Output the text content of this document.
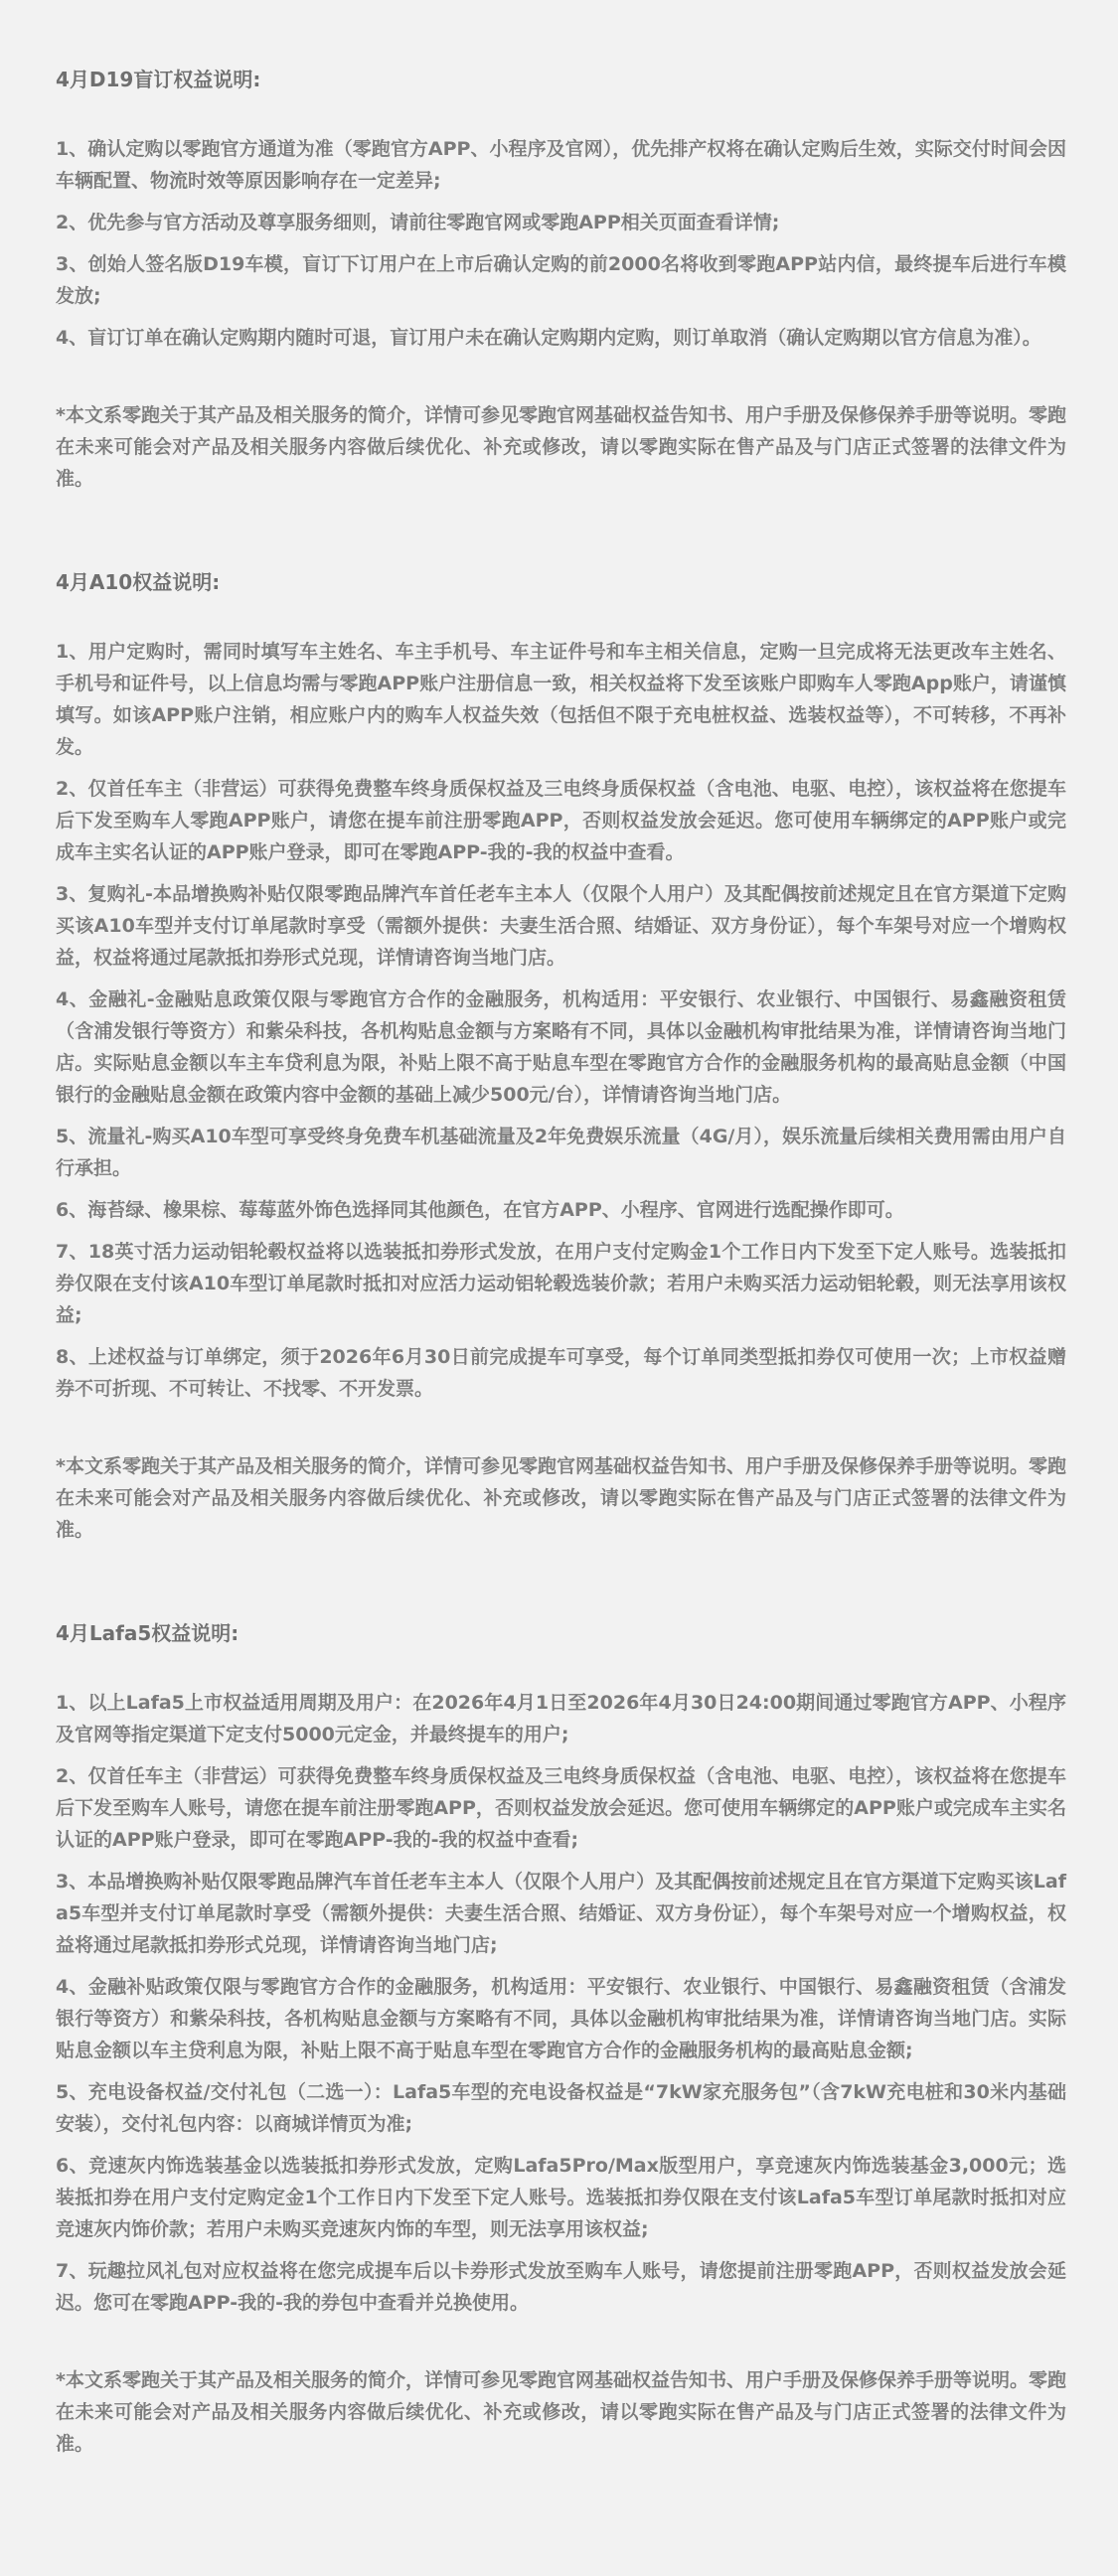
4月D19盲订权益说明:

1、确认定购以零跑官方通道为准（零跑官方APP、小程序及官网），优先排产权将在确认定购后生效，实际交付时间会因车辆配置、物流时效等原因影响存在一定差异;

2、优先参与官方活动及尊享服务细则，请前往零跑官网或零跑APP相关页面查看详情;

3、创始人签名版D19车模，盲订下订用户在上市后确认定购的前2000名将收到零跑APP站内信，最终提车后进行车模发放;

4、盲订订单在确认定购期内随时可退，盲订用户未在确认定购期内定购，则订单取消（确认定购期以官方信息为准）。

*本文系零跑关于其产品及相关服务的简介，详情可参见零跑官网基础权益告知书、用户手册及保修保养手册等说明。零跑在未来可能会对产品及相关服务内容做后续优化、补充或修改，请以零跑实际在售产品及与门店正式签署的法律文件为准。

4月A10权益说明:

1、用户定购时，需同时填写车主姓名、车主手机号、车主证件号和车主相关信息，定购一旦完成将无法更改车主姓名、手机号和证件号，以上信息均需与零跑APP账户注册信息一致，相关权益将下发至该账户即购车人零跑App账户，请谨慎填写。如该APP账户注销，相应账户内的购车人权益失效（包括但不限于充电桩权益、选装权益等），不可转移，不再补发。

2、仅首任车主（非营运）可获得免费整车终身质保权益及三电终身质保权益（含电池、电驱、电控），该权益将在您提车后下发至购车人零跑APP账户，请您在提车前注册零跑APP，否则权益发放会延迟。您可使用车辆绑定的APP账户或完成车主实名认证的APP账户登录，即可在零跑APP-我的-我的权益中查看。

3、复购礼-本品增换购补贴仅限零跑品牌汽车首任老车主本人（仅限个人用户）及其配偶按前述规定且在官方渠道下定购买该A10车型并支付订单尾款时享受（需额外提供：夫妻生活合照、结婚证、双方身份证），每个车架号对应一个增购权益，权益将通过尾款抵扣券形式兑现，详情请咨询当地门店。

4、金融礼-金融贴息政策仅限与零跑官方合作的金融服务，机构适用：平安银行、农业银行、中国银行、易鑫融资租赁（含浦发银行等资方）和紫朵科技，各机构贴息金额与方案略有不同，具体以金融机构审批结果为准，详情请咨询当地门店。实际贴息金额以车主车贷利息为限，补贴上限不高于贴息车型在零跑官方合作的金融服务机构的最高贴息金额（中国银行的金融贴息金额在政策内容中金额的基础上减少500元/台），详情请咨询当地门店。

5、流量礼-购买A10车型可享受终身免费车机基础流量及2年免费娱乐流量（4G/月），娱乐流量后续相关费用需由用户自行承担。

6、海苔绿、橡果棕、莓莓蓝外饰色选择同其他颜色，在官方APP、小程序、官网进行选配操作即可。

7、18英寸活力运动铝轮毂权益将以选装抵扣券形式发放，在用户支付定购金1个工作日内下发至下定人账号。选装抵扣券仅限在支付该A10车型订单尾款时抵扣对应活力运动铝轮毂选装价款；若用户未购买活力运动铝轮毂，则无法享用该权益;

8、上述权益与订单绑定，须于2026年6月30日前完成提车可享受，每个订单同类型抵扣券仅可使用一次；上市权益赠券不可折现、不可转让、不找零、不开发票。

*本文系零跑关于其产品及相关服务的简介，详情可参见零跑官网基础权益告知书、用户手册及保修保养手册等说明。零跑在未来可能会对产品及相关服务内容做后续优化、补充或修改，请以零跑实际在售产品及与门店正式签署的法律文件为准。

4月Lafa5权益说明:

1、以上Lafa5上市权益适用周期及用户：在2026年4月1日至2026年4月30日24:00期间通过零跑官方APP、小程序及官网等指定渠道下定支付5000元定金，并最终提车的用户;

2、仅首任车主（非营运）可获得免费整车终身质保权益及三电终身质保权益（含电池、电驱、电控），该权益将在您提车后下发至购车人账号，请您在提车前注册零跑APP，否则权益发放会延迟。您可使用车辆绑定的APP账户或完成车主实名认证的APP账户登录，即可在零跑APP-我的-我的权益中查看;

3、本品增换购补贴仅限零跑品牌汽车首任老车主本人（仅限个人用户）及其配偶按前述规定且在官方渠道下定购买该Lafa5车型并支付订单尾款时享受（需额外提供：夫妻生活合照、结婚证、双方身份证），每个车架号对应一个增购权益，权益将通过尾款抵扣券形式兑现，详情请咨询当地门店;

4、金融补贴政策仅限与零跑官方合作的金融服务，机构适用：平安银行、农业银行、中国银行、易鑫融资租赁（含浦发银行等资方）和紫朵科技，各机构贴息金额与方案略有不同，具体以金融机构审批结果为准，详情请咨询当地门店。实际贴息金额以车主贷利息为限，补贴上限不高于贴息车型在零跑官方合作的金融服务机构的最高贴息金额;

5、充电设备权益/交付礼包（二选一）：Lafa5车型的充电设备权益是“7kW家充服务包”（含7kW充电桩和30米内基础安装），交付礼包内容：以商城详情页为准;

6、竞速灰内饰选装基金以选装抵扣券形式发放，定购Lafa5Pro/Max版型用户，享竞速灰内饰选装基金3,000元；选装抵扣券在用户支付定购定金1个工作日内下发至下定人账号。选装抵扣券仅限在支付该Lafa5车型订单尾款时抵扣对应竞速灰内饰价款；若用户未购买竞速灰内饰的车型，则无法享用该权益;

7、玩趣拉风礼包对应权益将在您完成提车后以卡券形式发放至购车人账号，请您提前注册零跑APP，否则权益发放会延迟。您可在零跑APP-我的-我的券包中查看并兑换使用。

*本文系零跑关于其产品及相关服务的简介，详情可参见零跑官网基础权益告知书、用户手册及保修保养手册等说明。零跑在未来可能会对产品及相关服务内容做后续优化、补充或修改，请以零跑实际在售产品及与门店正式签署的法律文件为准。
